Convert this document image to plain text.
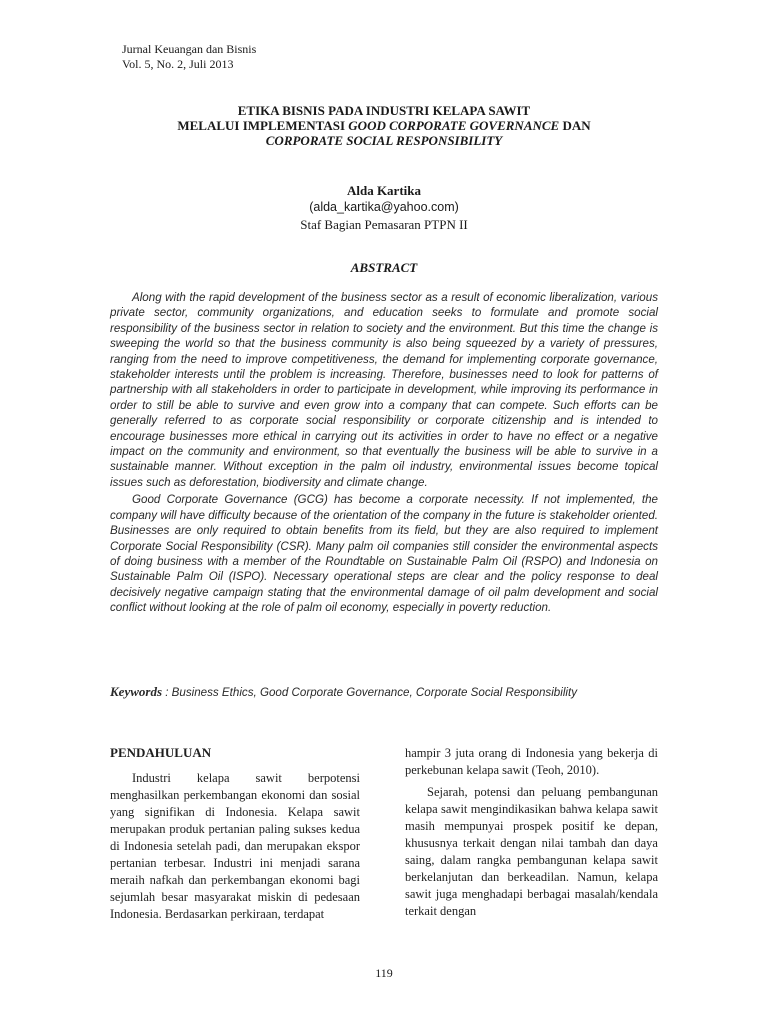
Jurnal Keuangan dan Bisnis
Vol. 5, No. 2, Juli 2013
ETIKA BISNIS PADA INDUSTRI KELAPA SAWIT
MELALUI IMPLEMENTASI GOOD CORPORATE GOVERNANCE DAN
CORPORATE SOCIAL RESPONSIBILITY
Alda Kartika
(alda_kartika@yahoo.com)
Staf Bagian Pemasaran PTPN II
ABSTRACT

Along with the rapid development of the business sector as a result of economic liberalization, various private sector, community organizations, and education seeks to formulate and promote social responsibility of the business sector in relation to society and the environment. But this time the change is sweeping the world so that the business community is also being squeezed by a variety of pressures, ranging from the need to improve competitiveness, the demand for implementing corporate governance, stakeholder interests until the problem is increasing. Therefore, businesses need to look for patterns of partnership with all stakeholders in order to participate in development, while improving its performance in order to still be able to survive and even grow into a company that can compete. Such efforts can be generally referred to as corporate social responsibility or corporate citizenship and is intended to encourage businesses more ethical in carrying out its activities in order to have no effect or a negative impact on the community and environment, so that eventually the business will be able to survive in a sustainable manner. Without exception in the palm oil industry, environmental issues become topical issues such as deforestation, biodiversity and climate change.

Good Corporate Governance (GCG) has become a corporate necessity. If not implemented, the company will have difficulty because of the orientation of the company in the future is stakeholder oriented. Businesses are only required to obtain benefits from its field, but they are also required to implement Corporate Social Responsibility (CSR). Many palm oil companies still consider the environmental aspects of doing business with a member of the Roundtable on Sustainable Palm Oil (RSPO) and Indonesia on Sustainable Palm Oil (ISPO). Necessary operational steps are clear and the policy response to deal decisively negative campaign stating that the environmental damage of oil palm development and social conflict without looking at the role of palm oil economy, especially in poverty reduction.

Keywords : Business Ethics, Good Corporate Governance, Corporate Social Responsibility

PENDAHULUAN

Industri kelapa sawit berpotensi menghasilkan perkembangan ekonomi dan sosial yang signifikan di Indonesia. Kelapa sawit merupakan produk pertanian paling sukses kedua di Indonesia setelah padi, dan merupakan ekspor pertanian terbesar. Industri ini menjadi sarana meraih nafkah dan perkembangan ekonomi bagi sejumlah besar masyarakat miskin di pedesaan Indonesia. Berdasarkan perkiraan, terdapat

hampir 3 juta orang di Indonesia yang bekerja di perkebunan kelapa sawit (Teoh, 2010).

Sejarah, potensi dan peluang pembangunan kelapa sawit mengindikasikan bahwa kelapa sawit masih mempunyai prospek positif ke depan, khususnya terkait dengan nilai tambah dan daya saing, dalam rangka pembangunan kelapa sawit berkelanjutan dan berkeadilan. Namun, kelapa sawit juga menghadapi berbagai masalah/kendala terkait dengan

119
